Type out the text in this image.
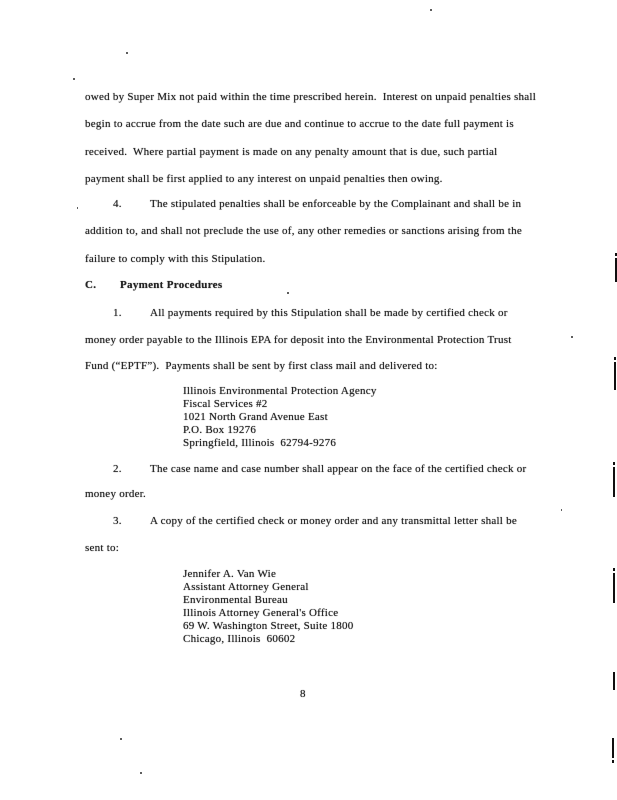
owed by Super Mix not paid within the time prescribed herein.  Interest on unpaid penalties shall
begin to accrue from the date such are due and continue to accrue to the date full payment is
received.  Where partial payment is made on any penalty amount that is due, such partial
payment shall be first applied to any interest on unpaid penalties then owing.
4.	The stipulated penalties shall be enforceable by the Complainant and shall be in
addition to, and shall not preclude the use of, any other remedies or sanctions arising from the
failure to comply with this Stipulation.
C. Payment Procedures
1.	All payments required by this Stipulation shall be made by certified check or
money order payable to the Illinois EPA for deposit into the Environmental Protection Trust
Fund (“EPTF”).  Payments shall be sent by first class mail and delivered to:
Illinois Environmental Protection Agency
Fiscal Services #2
1021 North Grand Avenue East
P.O. Box 19276
Springfield, Illinois  62794-9276
2.	The case name and case number shall appear on the face of the certified check or
money order.
3.	A copy of the certified check or money order and any transmittal letter shall be
sent to:
Jennifer A. Van Wie
Assistant Attorney General
Environmental Bureau
Illinois Attorney General's Office
69 W. Washington Street, Suite 1800
Chicago, Illinois  60602
8
